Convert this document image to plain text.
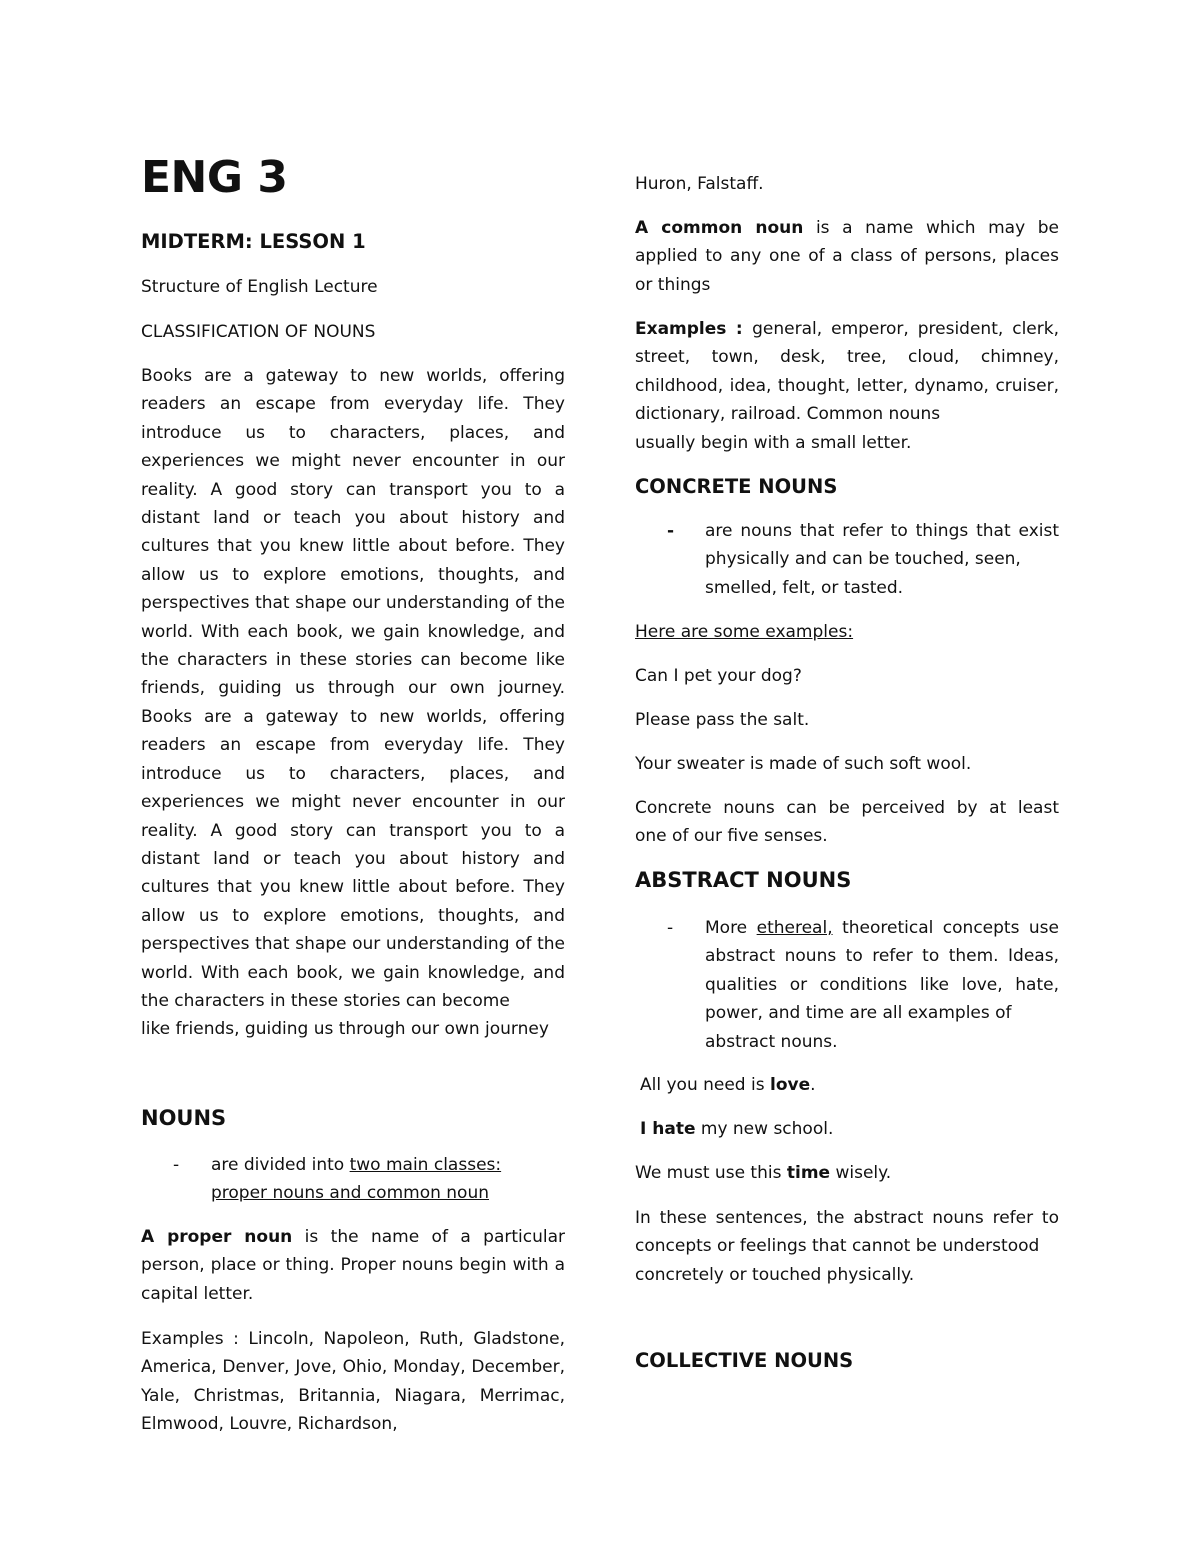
ENG 3
MIDTERM: LESSON 1
Structure of English Lecture
CLASSIFICATION OF NOUNS

Books are a gateway to new worlds, offering readers an escape from everyday life. They introduce us to characters, places, and experiences we might never encounter in our reality. A good story can transport you to a distant land or teach you about history and cultures that you knew little about before. They allow us to explore emotions, thoughts, and perspectives that shape our understanding of the world. With each book, we gain knowledge, and the characters in these stories can become like friends, guiding us through our own journey. Books are a gateway to new worlds, offering readers an escape from everyday life. They introduce us to characters, places, and experiences we might never encounter in our reality. A good story can transport you to a distant land or teach you about history and cultures that you knew little about before. They allow us to explore emotions, thoughts, and perspectives that shape our understanding of the world. With each book, we gain knowledge, and the characters in these stories can become

like friends, guiding us through our own journey

NOUNS
- are divided into two main classes:
proper nouns and common noun

A proper noun is the name of a particular person, place or thing. Proper nouns begin with a capital letter.

Examples : Lincoln, Napoleon, Ruth, Gladstone, America, Denver, Jove, Ohio, Monday, December, Yale, Christmas, Britannia, Niagara, Merrimac, Elmwood, Louvre, Richardson,

Huron, Falstaff.

A common noun is a name which may be applied to any one of a class of persons, places or things

Examples : general, emperor, president, clerk, street, town, desk, tree, cloud, chimney, childhood, idea, thought, letter, dynamo, cruiser, dictionary, railroad. Common nouns

usually begin with a small letter.

CONCRETE NOUNS
- are nouns that refer to things that exist physically and can be touched, seen,

smelled, felt, or tasted.

Here are some examples:
Can I pet your dog?
Please pass the salt.
Your sweater is made of such soft wool.

Concrete nouns can be perceived by at least

one of our five senses.

ABSTRACT NOUNS
- More ethereal, theoretical concepts use abstract nouns to refer to them. Ideas, qualities or conditions like love, hate, power, and time are all examples of

abstract nouns.

All you need is love.
I hate my new school.
We must use this time wisely.

In these sentences, the abstract nouns refer to concepts or feelings that cannot be understood

concretely or touched physically.

COLLECTIVE NOUNS
